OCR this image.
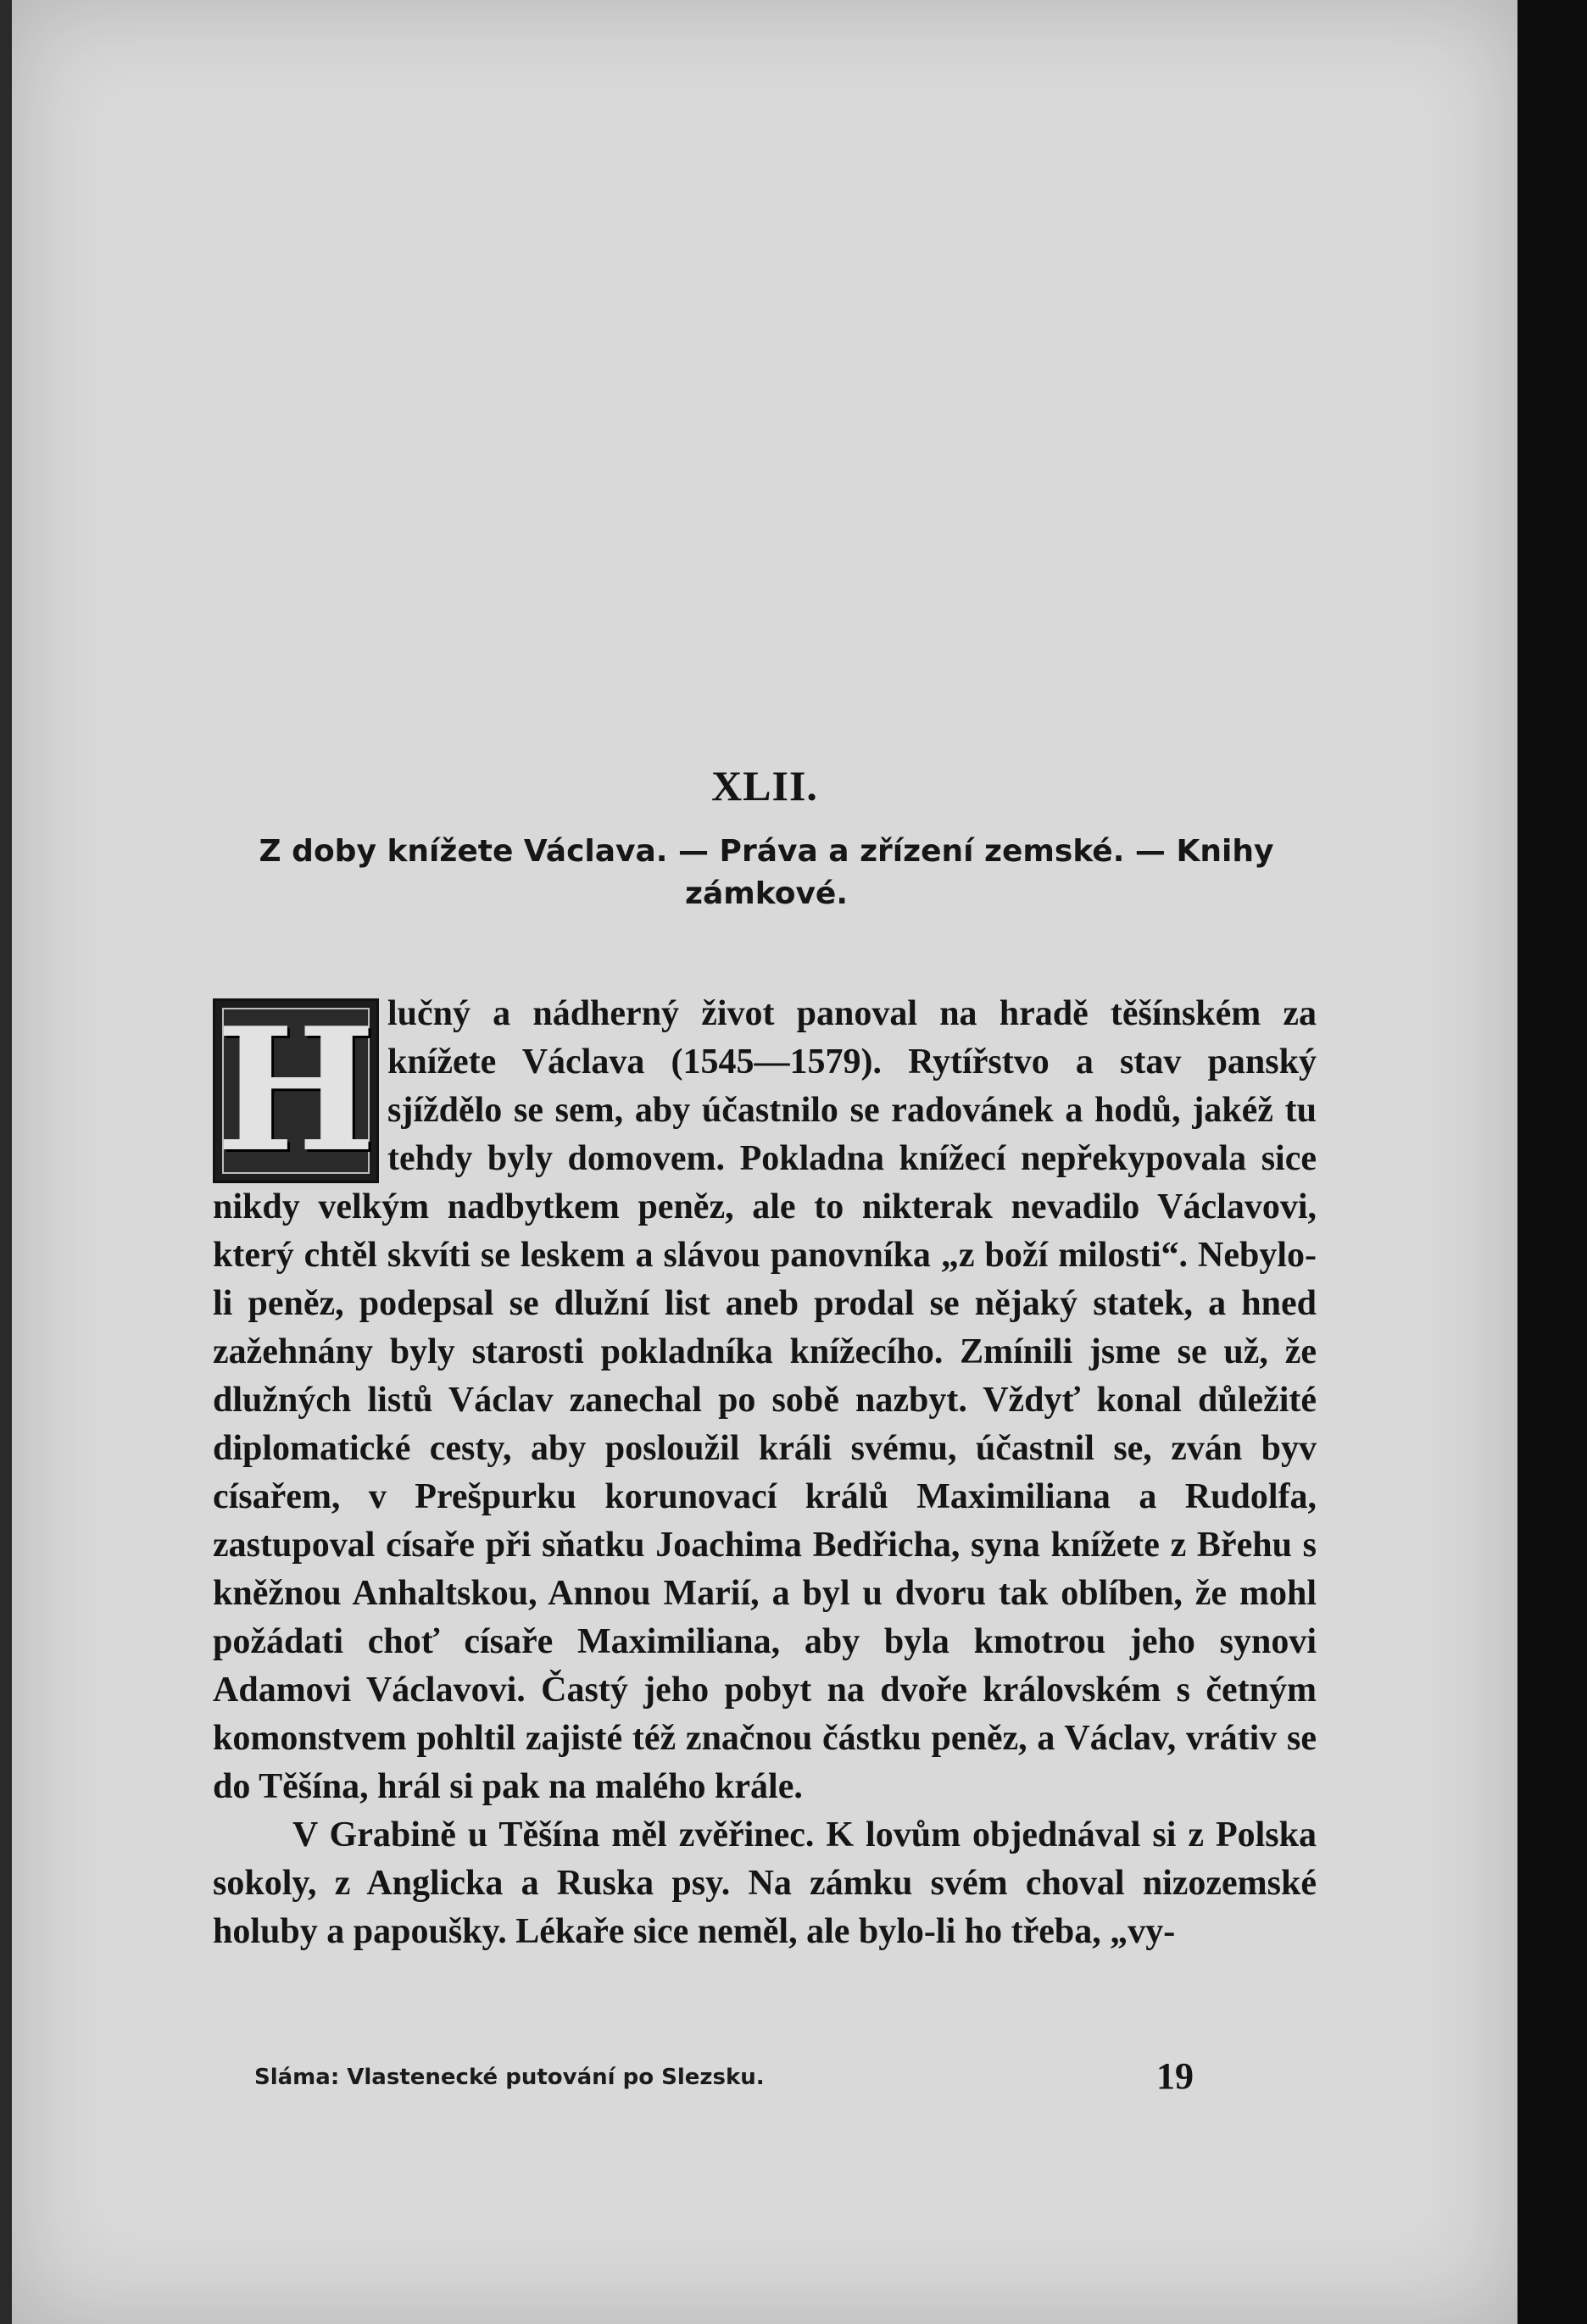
XLII.
Z doby knížete Václava. — Práva a zřízení zemské. — Knihy zámkové.
H lučný a nádherný život panoval na hradě těšínském za knížete Václava (1545—1579). Rytířstvo a stav panský sjíždělo se sem, aby účastnilo se radovánek a hodů, jakéž tu tehdy byly domovem. Pokladna knížecí nepřekypovala sice nikdy velkým nadbytkem peněz, ale to nikterak nevadilo Václavovi, který chtěl skvíti se leskem a slávou panovníka „z boží milosti“. Nebylo-li peněz, podepsal se dlužní list aneb prodal se nějaký statek, a hned zažehnány byly starosti pokladníka knížecího. Zmínili jsme se už, že dlužných listů Václav zanechal po sobě nazbyt. Vždyť konal důležité diplomatické cesty, aby posloužil králi svému, účastnil se, zván byv císařem, v Prešpurku korunovací králů Maximiliana a Rudolfa, zastupoval císaře při sňatku Joachima Bedřicha, syna knížete z Břehu s kněžnou Anhaltskou, Annou Marií, a byl u dvoru tak oblíben, že mohl požádati choť císaře Maximiliana, aby byla kmotrou jeho synovi Adamovi Václavovi. Častý jeho pobyt na dvoře královském s četným komonstvem pohltil zajisté též značnou částku peněz, a Václav, vrátiv se do Těšína, hrál si pak na malého krále.

V Grabině u Těšína měl zvěřinec. K lovům objednával si z Polska sokoly, z Anglicka a Ruska psy. Na zámku svém choval nizozemské holuby a papoušky. Lékaře sice neměl, ale bylo-li ho třeba, „vy-

Sláma: Vlastenecké putování po Slezsku.	19
